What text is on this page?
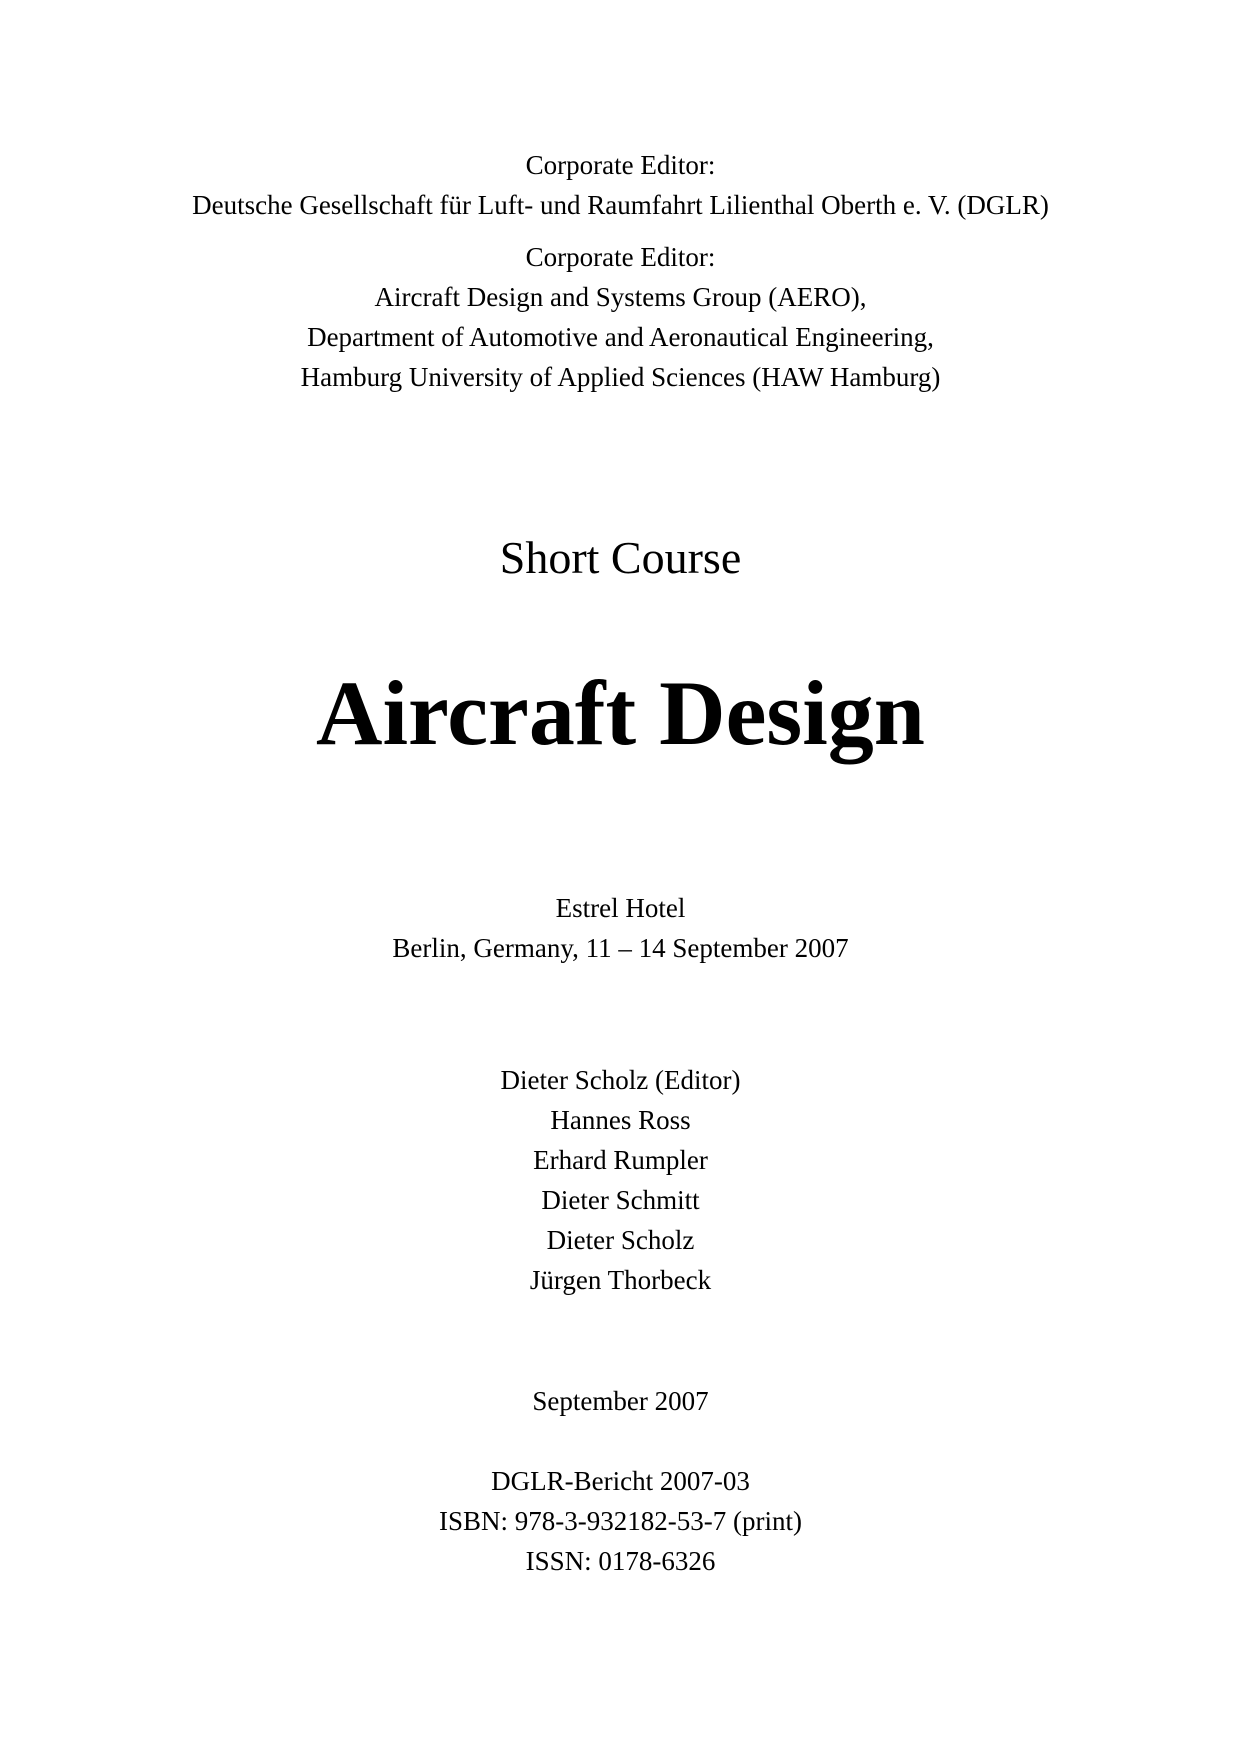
Corporate Editor:
Deutsche Gesellschaft für Luft- und Raumfahrt Lilienthal Oberth e. V. (DGLR)
Corporate Editor:
Aircraft Design and Systems Group (AERO),
Department of Automotive and Aeronautical Engineering,
Hamburg University of Applied Sciences (HAW Hamburg)
Short Course
Aircraft Design
Estrel Hotel
Berlin, Germany, 11 – 14 September 2007
Dieter Scholz (Editor)
Hannes Ross
Erhard Rumpler
Dieter Schmitt
Dieter Scholz
Jürgen Thorbeck
September 2007
DGLR-Bericht 2007-03
ISBN: 978-3-932182-53-7 (print)
ISSN: 0178-6326
